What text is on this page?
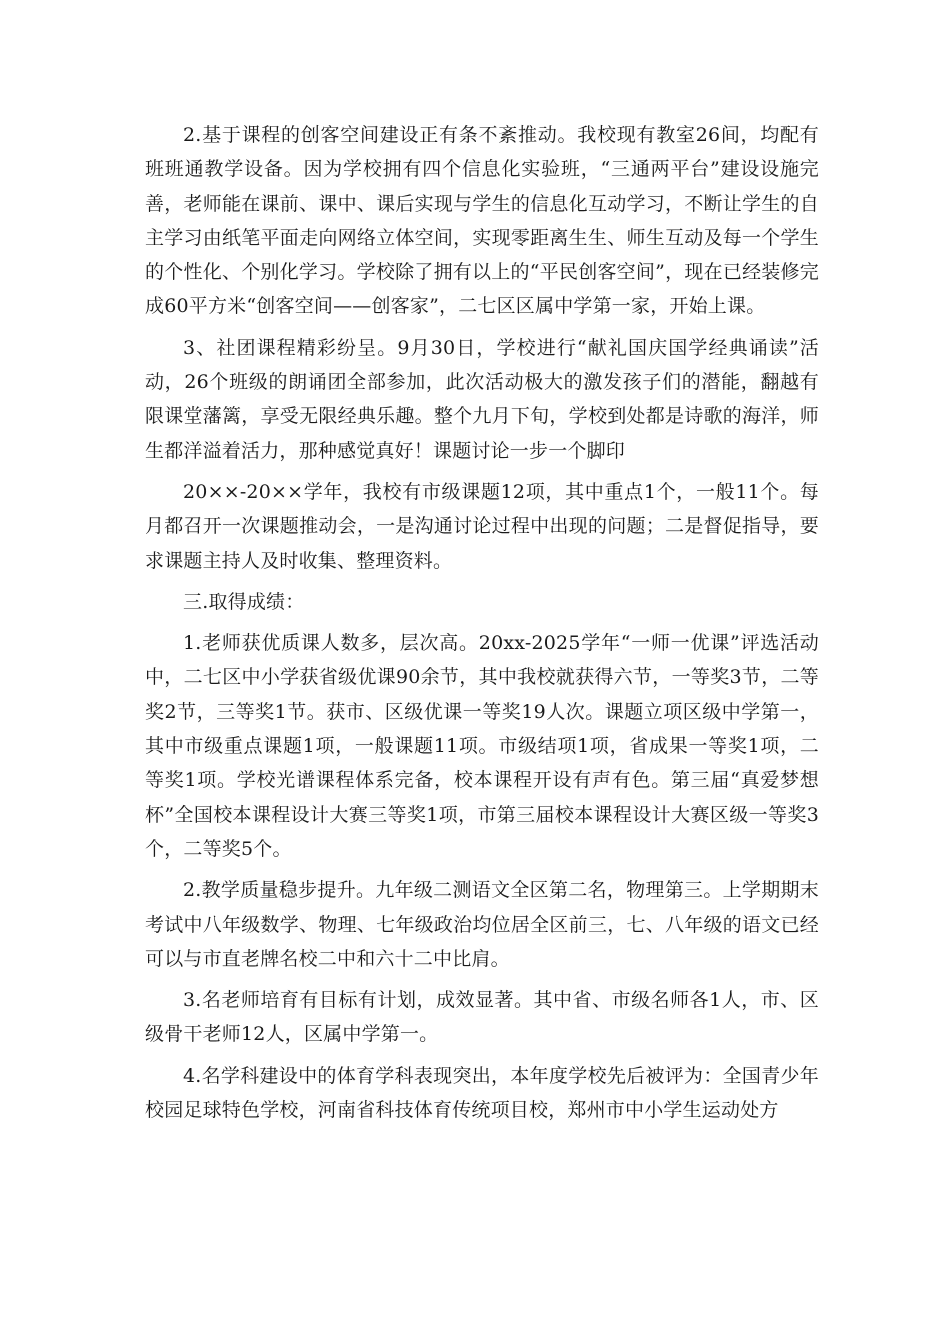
2.基于课程的创客空间建设正有条不紊推动。我校现有教室26间，均配有班班通教学设备。因为学校拥有四个信息化实验班，“三通两平台”建设设施完善，老师能在课前、课中、课后实现与学生的信息化互动学习，不断让学生的自主学习由纸笔平面走向网络立体空间，实现零距离生生、师生互动及每一个学生的个性化、个别化学习。学校除了拥有以上的“平民创客空间”，现在已经装修完成60平方米“创客空间——创客家”，二七区区属中学第一家，开始上课。

3、社团课程精彩纷呈。9月30日，学校进行“献礼国庆国学经典诵读”活动，26个班级的朗诵团全部参加，此次活动极大的激发孩子们的潜能，翻越有限课堂藩篱，享受无限经典乐趣。整个九月下旬，学校到处都是诗歌的海洋，师生都洋溢着活力，那种感觉真好！课题讨论一步一个脚印

20××-20××学年，我校有市级课题12项，其中重点1个，一般11个。每月都召开一次课题推动会，一是沟通讨论过程中出现的问题；二是督促指导，要求课题主持人及时收集、整理资料。

三.取得成绩：

1.老师获优质课人数多，层次高。20xx-2025学年“一师一优课”评选活动中，二七区中小学获省级优课90余节，其中我校就获得六节，一等奖3节，二等奖2节，三等奖1节。获市、区级优课一等奖19人次。课题立项区级中学第一，其中市级重点课题1项，一般课题11项。市级结项1项，省成果一等奖1项，二等奖1项。学校光谱课程体系完备，校本课程开设有声有色。第三届“真爱梦想杯”全国校本课程设计大赛三等奖1项，市第三届校本课程设计大赛区级一等奖3个，二等奖5个。

2.教学质量稳步提升。九年级二测语文全区第二名，物理第三。上学期期末考试中八年级数学、物理、七年级政治均位居全区前三，七、八年级的语文已经可以与市直老牌名校二中和六十二中比肩。

3.名老师培育有目标有计划，成效显著。其中省、市级名师各1人，市、区级骨干老师12人，区属中学第一。

4.名学科建设中的体育学科表现突出，本年度学校先后被评为：全国青少年校园足球特色学校，河南省科技体育传统项目校，郑州市中小学生运动处方
